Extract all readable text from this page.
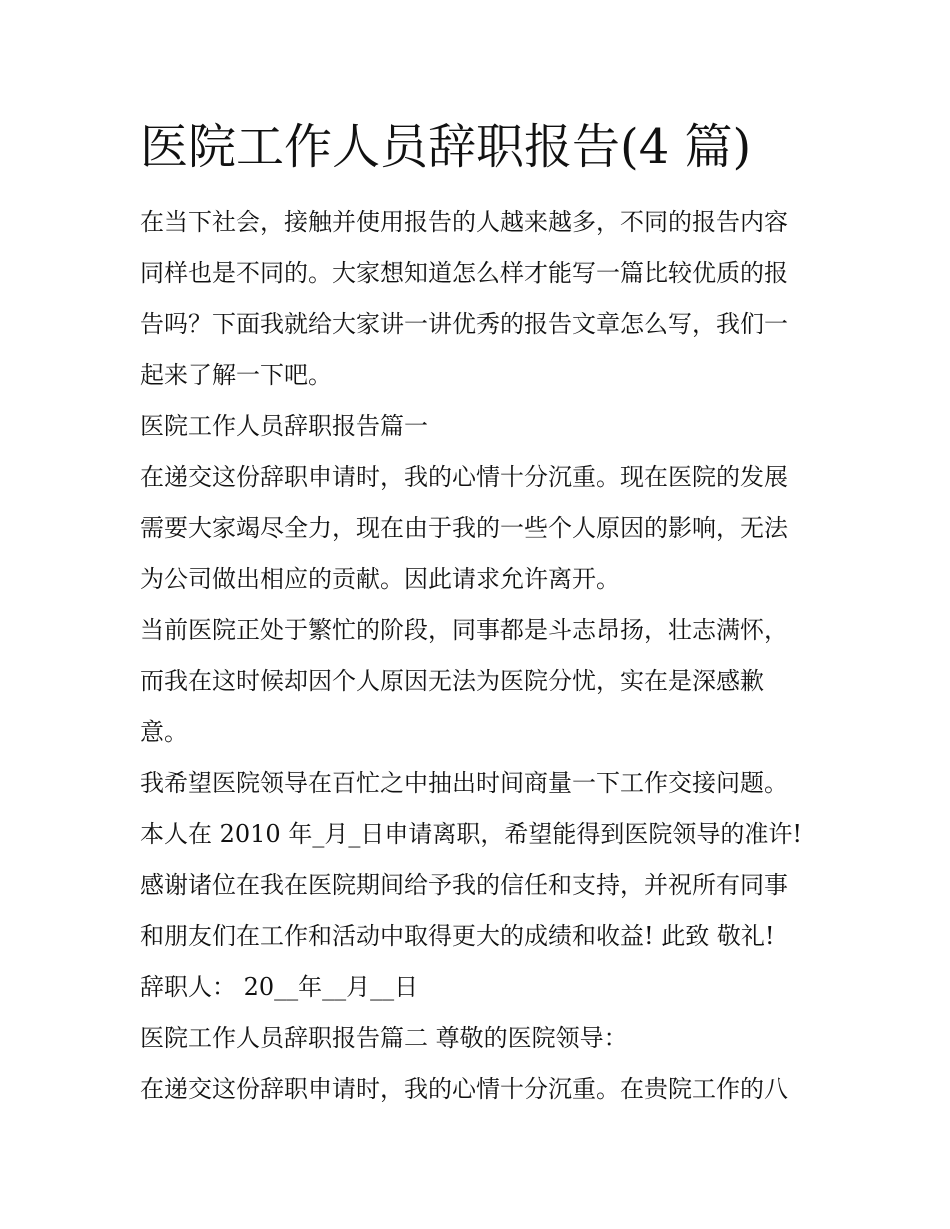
医院工作人员辞职报告(4 篇)
在当下社会，接触并使用报告的人越来越多，不同的报告内容
同样也是不同的。大家想知道怎么样才能写一篇比较优质的报
告吗？下面我就给大家讲一讲优秀的报告文章怎么写，我们一
起来了解一下吧。
医院工作人员辞职报告篇一
在递交这份辞职申请时，我的心情十分沉重。现在医院的发展
需要大家竭尽全力，现在由于我的一些个人原因的影响，无法
为公司做出相应的贡献。因此请求允许离开。
当前医院正处于繁忙的阶段，同事都是斗志昂扬，壮志满怀，
而我在这时候却因个人原因无法为医院分忧，实在是深感歉
意。
我希望医院领导在百忙之中抽出时间商量一下工作交接问题。
本人在 2010 年_月_日申请离职，希望能得到医院领导的准许!
感谢诸位在我在医院期间给予我的信任和支持，并祝所有同事
和朋友们在工作和活动中取得更大的成绩和收益! 此致 敬礼!
辞职人： 20__年__月__日
医院工作人员辞职报告篇二 尊敬的医院领导：
在递交这份辞职申请时，我的心情十分沉重。在贵院工作的八
